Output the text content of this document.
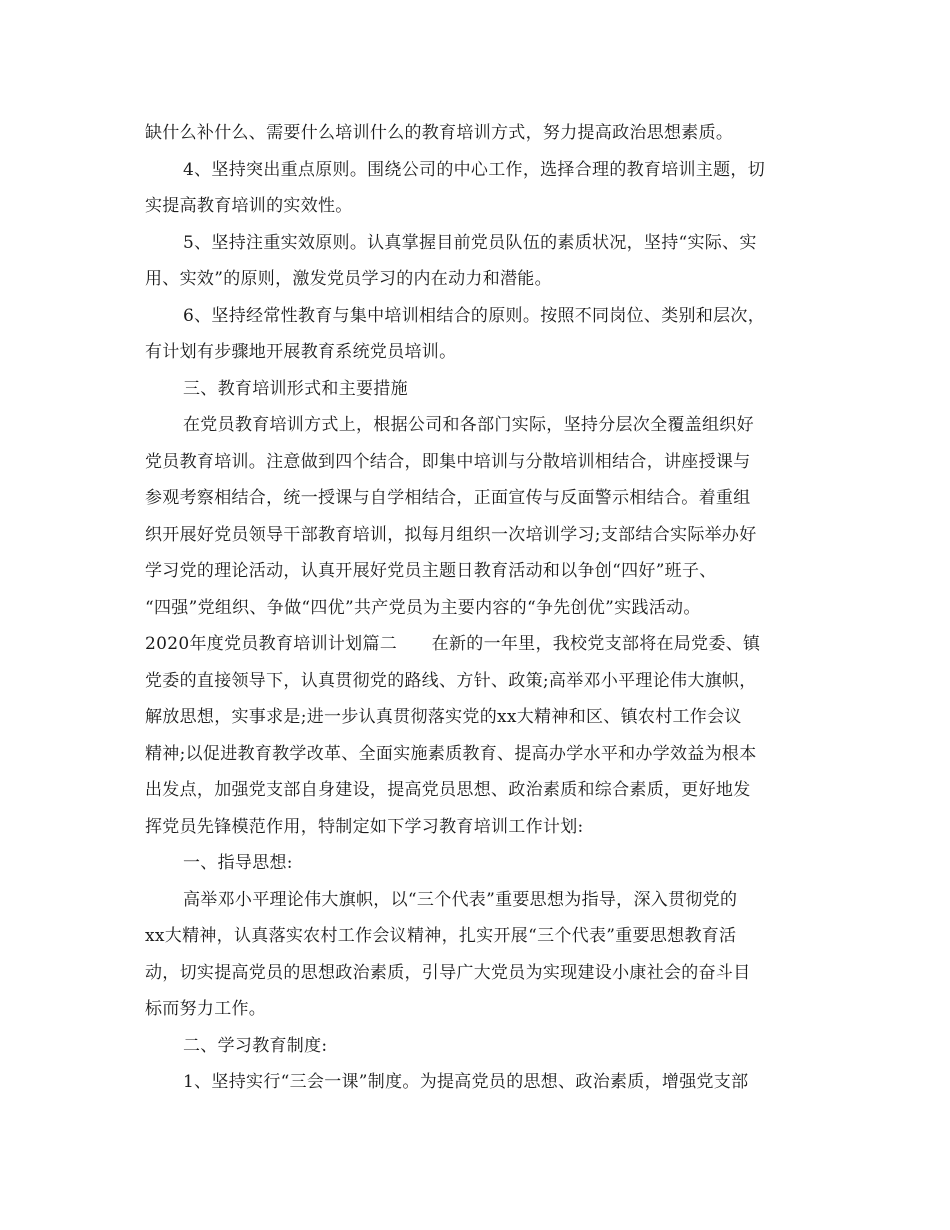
缺什么补什么、需要什么培训什么的教育培训方式，努力提高政治思想素质。
4、坚持突出重点原则。围绕公司的中心工作，选择合理的教育培训主题，切
实提高教育培训的实效性。
5、坚持注重实效原则。认真掌握目前党员队伍的素质状况，坚持“实际、实
用、实效”的原则，激发党员学习的内在动力和潜能。
6、坚持经常性教育与集中培训相结合的原则。按照不同岗位、类别和层次，
有计划有步骤地开展教育系统党员培训。
三、教育培训形式和主要措施
在党员教育培训方式上，根据公司和各部门实际，坚持分层次全覆盖组织好
党员教育培训。注意做到四个结合，即集中培训与分散培训相结合，讲座授课与
参观考察相结合，统一授课与自学相结合，正面宣传与反面警示相结合。着重组
织开展好党员领导干部教育培训，拟每月组织一次培训学习;支部结合实际举办好
学习党的理论活动，认真开展好党员主题日教育活动和以争创“四好”班子、
“四强”党组织、争做“四优”共产党员为主要内容的“争先创优”实践活动。
2020年度党员教育培训计划篇二　　在新的一年里，我校党支部将在局党委、镇
党委的直接领导下，认真贯彻党的路线、方针、政策;高举邓小平理论伟大旗帜，
解放思想，实事求是;进一步认真贯彻落实党的xx大精神和区、镇农村工作会议
精神;以促进教育教学改革、全面实施素质教育、提高办学水平和办学效益为根本
出发点，加强党支部自身建设，提高党员思想、政治素质和综合素质，更好地发
挥党员先锋模范作用，特制定如下学习教育培训工作计划:
一、指导思想:
高举邓小平理论伟大旗帜，以“三个代表”重要思想为指导，深入贯彻党的
xx大精神，认真落实农村工作会议精神，扎实开展“三个代表”重要思想教育活
动，切实提高党员的思想政治素质，引导广大党员为实现建设小康社会的奋斗目
标而努力工作。
二、学习教育制度:
1、坚持实行“三会一课”制度。为提高党员的思想、政治素质，增强党支部
